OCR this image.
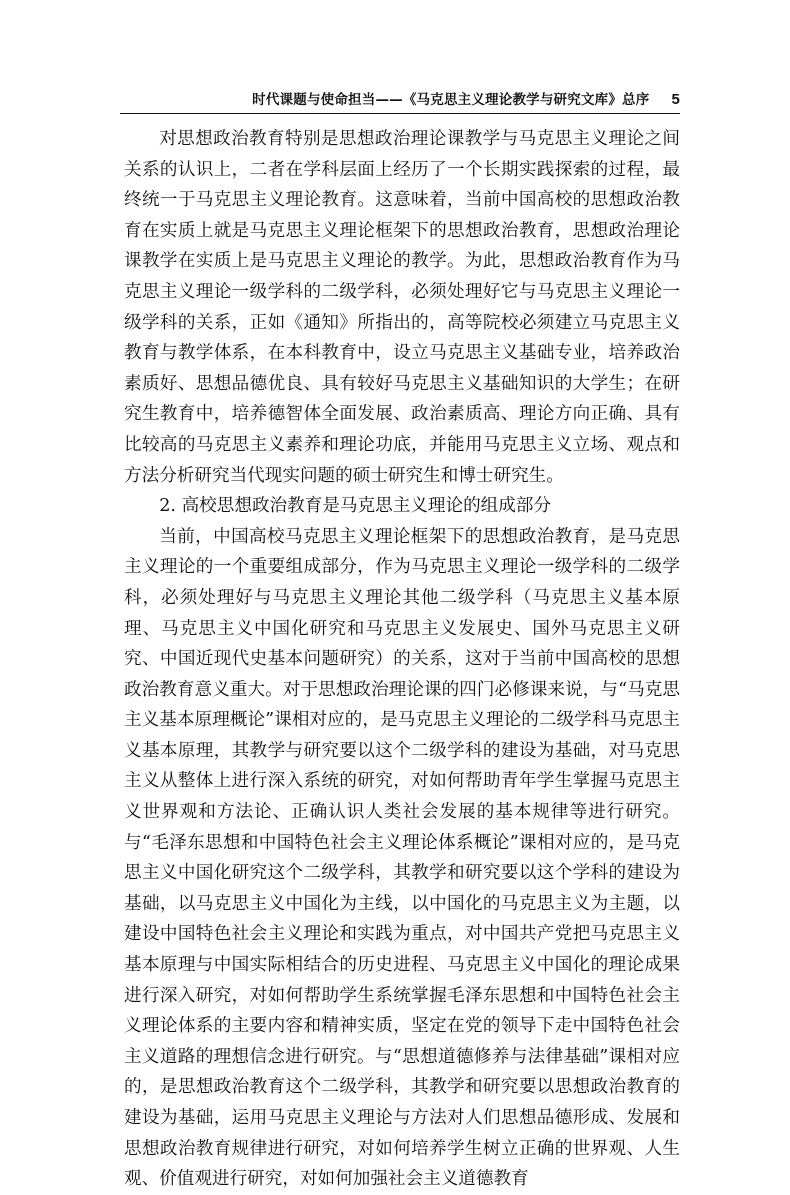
时代课题与使命担当——《马克思主义理论教学与研究文库》总序 5

对思想政治教育特别是思想政治理论课教学与马克思主义理论之间关系的认识上，二者在学科层面上经历了一个长期实践探索的过程，最终统一于马克思主义理论教育。这意味着，当前中国高校的思想政治教育在实质上就是马克思主义理论框架下的思想政治教育，思想政治理论课教学在实质上是马克思主义理论的教学。为此，思想政治教育作为马克思主义理论一级学科的二级学科，必须处理好它与马克思主义理论一级学科的关系，正如《通知》所指出的，高等院校必须建立马克思主义教育与教学体系，在本科教育中，设立马克思主义基础专业，培养政治素质好、思想品德优良、具有较好马克思主义基础知识的大学生；在研究生教育中，培养德智体全面发展、政治素质高、理论方向正确、具有比较高的马克思主义素养和理论功底，并能用马克思主义立场、观点和方法分析研究当代现实问题的硕士研究生和博士研究生。

2. 高校思想政治教育是马克思主义理论的组成部分

当前，中国高校马克思主义理论框架下的思想政治教育，是马克思主义理论的一个重要组成部分，作为马克思主义理论一级学科的二级学科，必须处理好与马克思主义理论其他二级学科（马克思主义基本原理、马克思主义中国化研究和马克思主义发展史、国外马克思主义研究、中国近现代史基本问题研究）的关系，这对于当前中国高校的思想政治教育意义重大。对于思想政治理论课的四门必修课来说，与“马克思主义基本原理概论”课相对应的，是马克思主义理论的二级学科马克思主义基本原理，其教学与研究要以这个二级学科的建设为基础，对马克思主义从整体上进行深入系统的研究，对如何帮助青年学生掌握马克思主义世界观和方法论、正确认识人类社会发展的基本规律等进行研究。与“毛泽东思想和中国特色社会主义理论体系概论”课相对应的，是马克思主义中国化研究这个二级学科，其教学和研究要以这个学科的建设为基础，以马克思主义中国化为主线，以中国化的马克思主义为主题，以建设中国特色社会主义理论和实践为重点，对中国共产党把马克思主义基本原理与中国实际相结合的历史进程、马克思主义中国化的理论成果进行深入研究，对如何帮助学生系统掌握毛泽东思想和中国特色社会主义理论体系的主要内容和精神实质，坚定在党的领导下走中国特色社会主义道路的理想信念进行研究。与“思想道德修养与法律基础”课相对应的，是思想政治教育这个二级学科，其教学和研究要以思想政治教育的建设为基础，运用马克思主义理论与方法对人们思想品德形成、发展和思想政治教育规律进行研究，对如何培养学生树立正确的世界观、人生观、价值观进行研究，对如何加强社会主义道德教育
